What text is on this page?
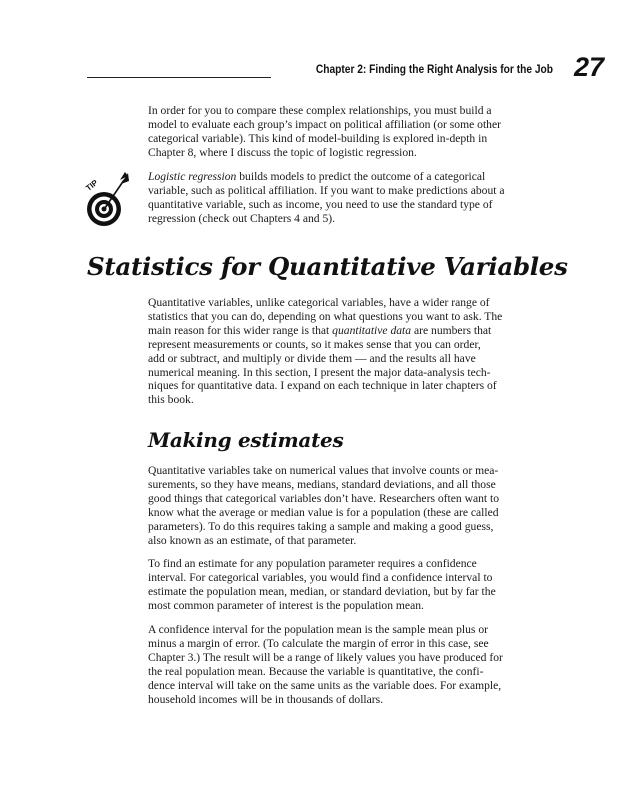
Chapter 2: Finding the Right Analysis for the Job 27

In order for you to compare these complex relationships, you must build a
model to evaluate each group’s impact on political affiliation (or some other
categorical variable). This kind of model-building is explored in-depth in
Chapter 8, where I discuss the topic of logistic regression.

TIP

Logistic regression builds models to predict the outcome of a categorical
variable, such as political affiliation. If you want to make predictions about a
quantitative variable, such as income, you need to use the standard type of
regression (check out Chapters 4 and 5).

Statistics for Quantitative Variables

Quantitative variables, unlike categorical variables, have a wider range of
statistics that you can do, depending on what questions you want to ask. The
main reason for this wider range is that quantitative data are numbers that
represent measurements or counts, so it makes sense that you can order,
add or subtract, and multiply or divide them — and the results all have
numerical meaning. In this section, I present the major data-analysis tech-
niques for quantitative data. I expand on each technique in later chapters of
this book.

Making estimates

Quantitative variables take on numerical values that involve counts or mea-
surements, so they have means, medians, standard deviations, and all those
good things that categorical variables don’t have. Researchers often want to
know what the average or median value is for a population (these are called
parameters). To do this requires taking a sample and making a good guess,
also known as an estimate, of that parameter.

To find an estimate for any population parameter requires a confidence
interval. For categorical variables, you would find a confidence interval to
estimate the population mean, median, or standard deviation, but by far the
most common parameter of interest is the population mean.

A confidence interval for the population mean is the sample mean plus or
minus a margin of error. (To calculate the margin of error in this case, see
Chapter 3.) The result will be a range of likely values you have produced for
the real population mean. Because the variable is quantitative, the confi-
dence interval will take on the same units as the variable does. For example,
household incomes will be in thousands of dollars.
